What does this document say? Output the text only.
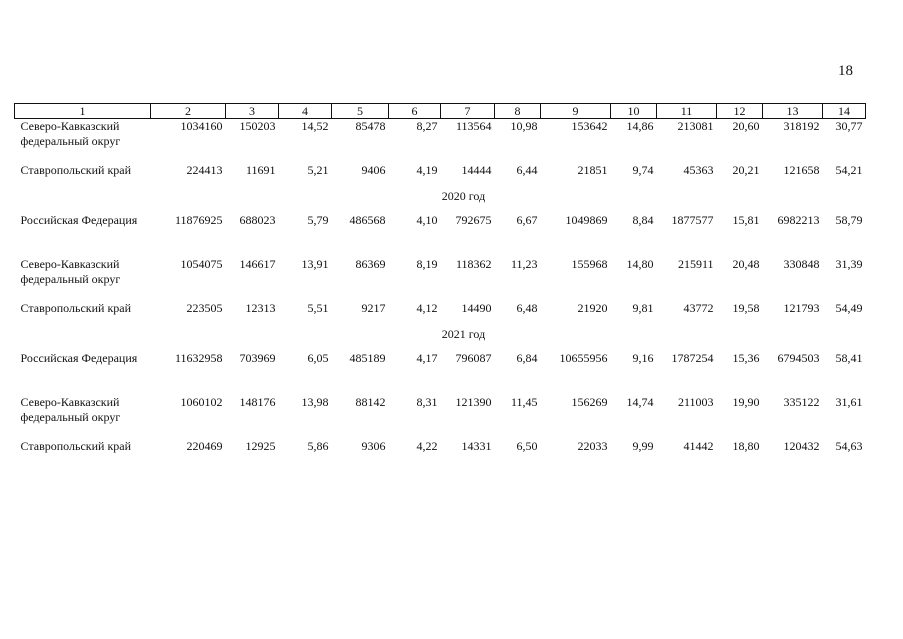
18
1	2	3	4	5	6	7	8	9	10	11	12	13	14
Северо-Кавказский федеральный округ	1034160	150203	14,52	85478	8,27	113564	10,98	153642	14,86	213081	20,60	318192	30,77
Ставропольский край	224413	11691	5,21	9406	4,19	14444	6,44	21851	9,74	45363	20,21	121658	54,21
2020 год													
Российская Федерация	11876925	688023	5,79	486568	4,10	792675	6,67	1049869	8,84	1877577	15,81	6982213	58,79
Северо-Кавказский федеральный округ	1054075	146617	13,91	86369	8,19	118362	11,23	155968	14,80	215911	20,48	330848	31,39
Ставропольский край	223505	12313	5,51	9217	4,12	14490	6,48	21920	9,81	43772	19,58	121793	54,49
2021 год													
Российская Федерация	11632958	703969	6,05	485189	4,17	796087	6,84	10655956	9,16	1787254	15,36	6794503	58,41
Северо-Кавказский федеральный округ	1060102	148176	13,98	88142	8,31	121390	11,45	156269	14,74	211003	19,90	335122	31,61
Ставропольский край	220469	12925	5,86	9306	4,22	14331	6,50	22033	9,99	41442	18,80	120432	54,63
